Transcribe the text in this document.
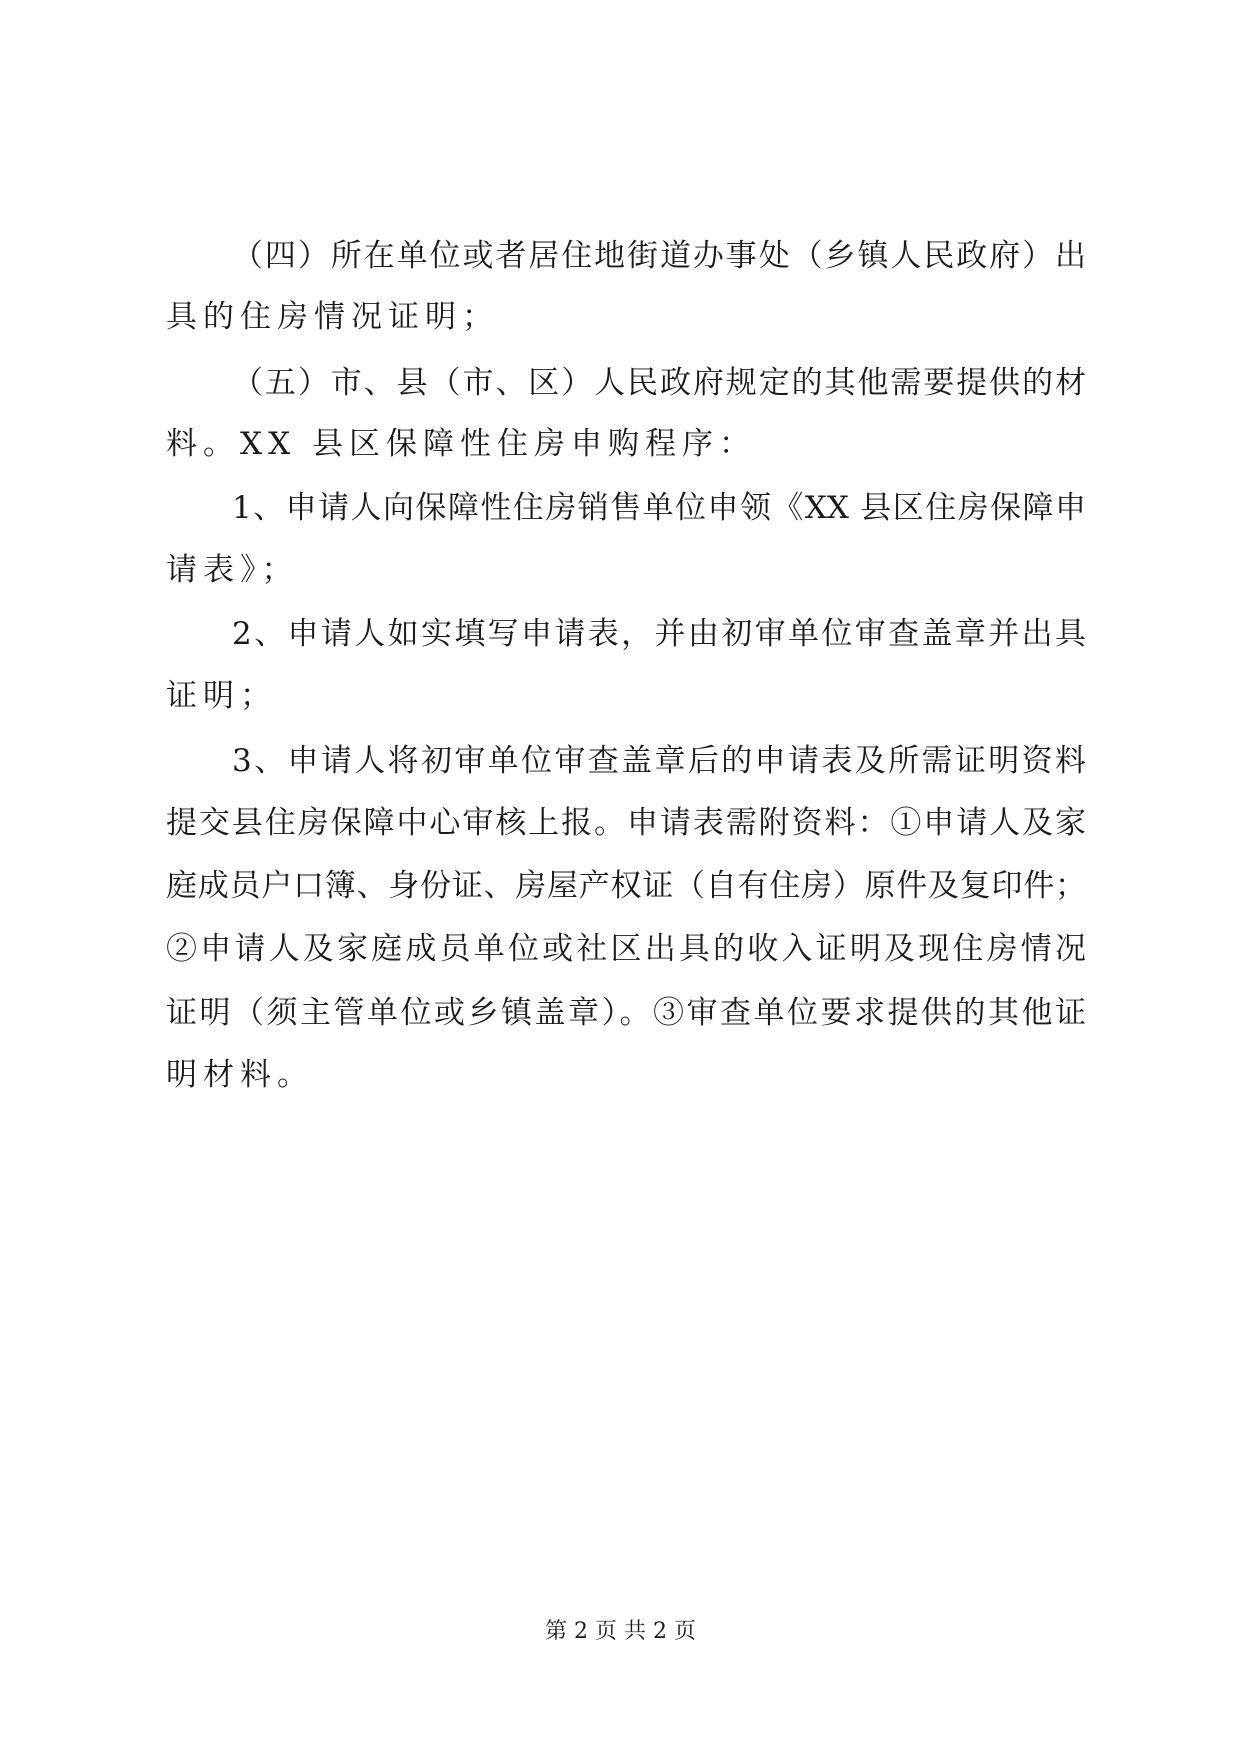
（四）所在单位或者居住地街道办事处（乡镇人民政府）出
具的住房情况证明；
（五）市、县（市、区）人民政府规定的其他需要提供的材
料。XX 县区保障性住房申购程序：
1、申请人向保障性住房销售单位申领《XX 县区住房保障申
请表》；
2、申请人如实填写申请表，并由初审单位审查盖章并出具
证明；
3、申请人将初审单位审查盖章后的申请表及所需证明资料
提交县住房保障中心审核上报。申请表需附资料：①申请人及家
庭成员户口簿、身份证、房屋产权证（自有住房）原件及复印件；
②申请人及家庭成员单位或社区出具的收入证明及现住房情况
证明（须主管单位或乡镇盖章）。③审查单位要求提供的其他证
明材料。
第 2 页 共 2 页
